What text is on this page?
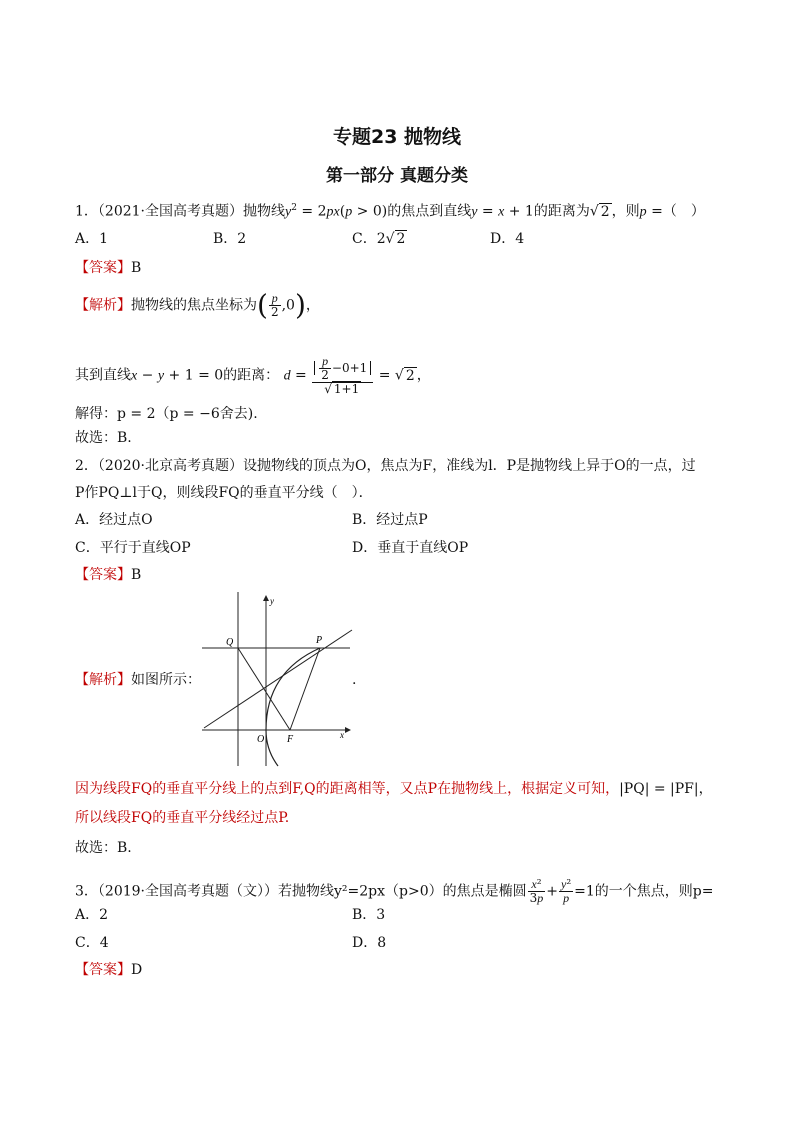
专题23 抛物线
第一部分 真题分类
1．（2021·全国高考真题）抛物线$y^2 = 2px(p > 0)$的焦点到直线y = x + 1的距离为√ 2 ，则p =（　）
A．1	B．2	C．2√ 2	D．4
【答案】B
【解析】抛物线的焦点坐标为( $\frac{p}{2} ,0$)，
其到直线x − y + 1 = 0的距离： $d = \frac{\frac{p}{2} -0+1}{√ 1+1}$ = √ 2 ，
解得：p = 2（p = −6舍去).
故选：B.
2．（2020·北京高考真题）设抛物线的顶点为O，焦点为F，准线为l．P是抛物线上异于O的一点，过
P作PQ⊥l于Q，则线段FQ的垂直平分线（　）．
A．经过点O	B．经过点P
C．平行于直线OP	D．垂直于直线OP
【答案】B
【解析】如图所示：	.
Q	P
O F	x
y
因为线段FQ的垂直平分线上的点到F,Q的距离相等，又点P在抛物线上，根据定义可知，|PQ| = |PF|，
所以线段FQ的垂直平分线经过点P.
故选：B.
3．（2019·全国高考真题（文））若抛物线y²=2px（p>0）的焦点是椭圆 $\frac{\text{x²}}{3p} + \frac{\text{y²}}{p} =1$的一个焦点，则p=
A．2	B．3
C．4	D．8
【答案】D
